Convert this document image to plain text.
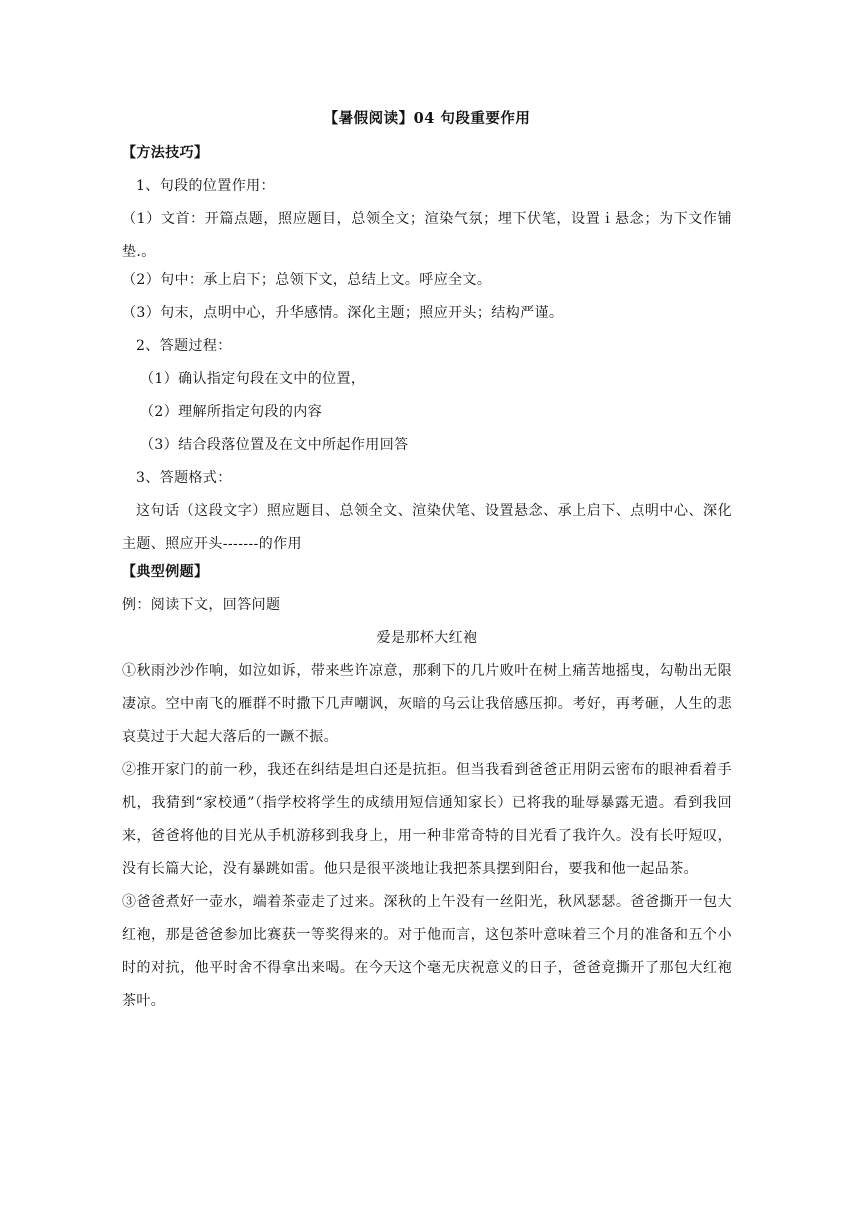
【暑假阅读】04 句段重要作用
【方法技巧】
1、句段的位置作用：
（1）文首：开篇点题，照应题目，总领全文；渲染气氛；埋下伏笔，设置ｉ悬念；为下文作铺垫.。
（2）句中：承上启下；总领下文，总结上文。呼应全文。
（3）句末，点明中心，升华感情。深化主题；照应开头；结构严谨。
2、答题过程：
（1）确认指定句段在文中的位置，
（2）理解所指定句段的内容
（3）结合段落位置及在文中所起作用回答
3、答题格式：
这句话（这段文字）照应题目、总领全文、渲染伏笔、设置悬念、承上启下、点明中心、深化主题、照应开头-------的作用
【典型例题】
例：阅读下文，回答问题
爱是那杯大红袍
①秋雨沙沙作响，如泣如诉，带来些许凉意，那剩下的几片败叶在树上痛苦地摇曳，勾勒出无限凄凉。空中南飞的雁群不时撒下几声嘲讽，灰暗的乌云让我倍感压抑。考好，再考砸，人生的悲哀莫过于大起大落后的一蹶不振。
②推开家门的前一秒，我还在纠结是坦白还是抗拒。但当我看到爸爸正用阴云密布的眼神看着手机，我猜到“家校通”（指学校将学生的成绩用短信通知家长）已将我的耻辱暴露无遗。看到我回来，爸爸将他的目光从手机游移到我身上，用一种非常奇特的目光看了我许久。没有长吁短叹，没有长篇大论，没有暴跳如雷。他只是很平淡地让我把茶具摆到阳台，要我和他一起品茶。
③爸爸煮好一壶水，端着茶壶走了过来。深秋的上午没有一丝阳光，秋风瑟瑟。爸爸撕开一包大红袍，那是爸爸参加比赛获一等奖得来的。对于他而言，这包茶叶意味着三个月的准备和五个小时的对抗，他平时舍不得拿出来喝。在今天这个毫无庆祝意义的日子，爸爸竟撕开了那包大红袍茶叶。
